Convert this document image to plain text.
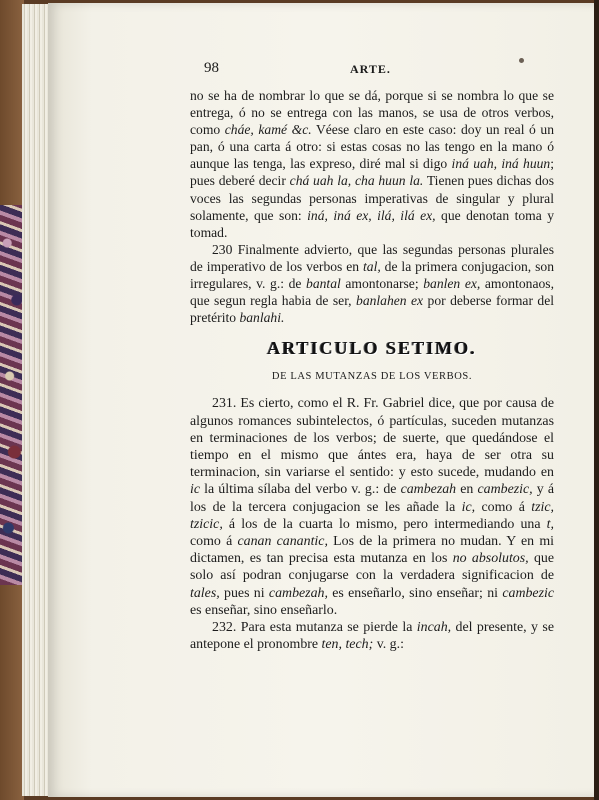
98	ARTE.

no se ha de nombrar lo que se dá, porque si se nombra lo que se entrega, ó no se entrega con las manos, se usa de otros verbos, como cháe, kamé &c. Véese claro en este caso: doy un real ó un pan, ó una carta á otro: si estas cosas no las tengo en la mano ó aunque las tenga, las expreso, diré mal si digo iná uah, iná huun; pues deberé decir chá uah la, cha huun la. Tienen pues dichas dos voces las segundas personas imperativas de singular y plural solamente, que son: iná, iná ex, ilá, ilá ex, que denotan toma y tomad.

230 Finalmente advierto, que las segundas personas plurales de imperativo de los verbos en tal, de la primera conjugacion, son irregulares, v. g.: de bantal amontonarse; banlen ex, amontonaos, que segun regla habia de ser, banlahen ex por deberse formar del pretérito banlahi.

ARTICULO SETIMO.

DE LAS MUTANZAS DE LOS VERBOS.

231. Es cierto, como el R. Fr. Gabriel dice, que por causa de algunos romances subintelectos, ó partículas, suceden mutanzas en terminaciones de los verbos; de suerte, que quedándose el tiempo en el mismo que ántes era, haya de ser otra su terminacion, sin variarse el sentido: y esto sucede, mudando en ic la última sílaba del verbo v. g.: de cambezah en cambezic, y á los de la tercera conjugacion se les añade la ic, como á tzic, tzicic, á los de la cuarta lo mismo, pero intermediando una t, como á canan canantic, Los de la primera no mudan. Y en mi dictamen, es tan precisa esta mutanza en los no absolutos, que solo así podran conjugarse con la verdadera significacion de tales, pues ni cambezah, es enseñarlo, sino enseñar; ni cambezic es enseñar, sino enseñarlo.

232. Para esta mutanza se pierde la incah, del presente, y se antepone el pronombre ten, tech; v. g.:
